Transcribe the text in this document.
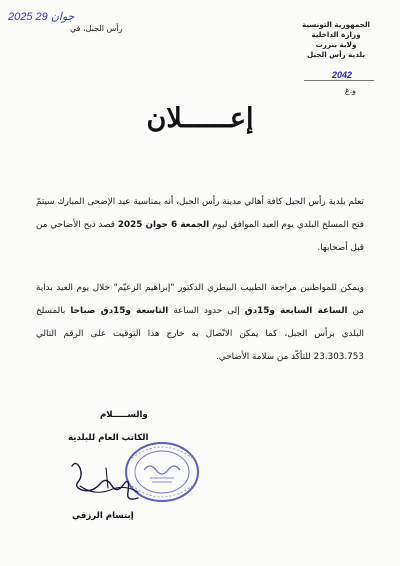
2025 جوان 29
رأس الجبل، في	الجمهورية التونسية
وزارة الداخلية
ولاية بنزرت
بلدية رأس الجبل
2042
و.غ
إعــــــلان
تعلم بلدية رأس الجبل كافة أهالي مدينة رأس الجبل، أنه بمناسبة عيد الإضحى المبارك سيتمّ فتح المسلخ البلدي يوم العيد الموافق ليوم الجمعة 6 جوان 2025 قصد ذبح الأضاحي من قبل أصحابها.
ويمكن للمواطنين مراجعة الطبيب البيطري الدكتور "إبراهيم الزعيّم" خلال يوم العيد بداية من الساعة السابعة و15دق إلى حدود الساعة التاسعة و15دق صباحا بالمسلخ البلدي برأس الجبل، كما يمكن الاتّصال به خارج هذا التوقيت على الرقم التالي 23.303.753 للتأكّد من سلامة الأضاحي.
والســـــلام
الكاتب العام للبلدية
إبتسام الرزقي
